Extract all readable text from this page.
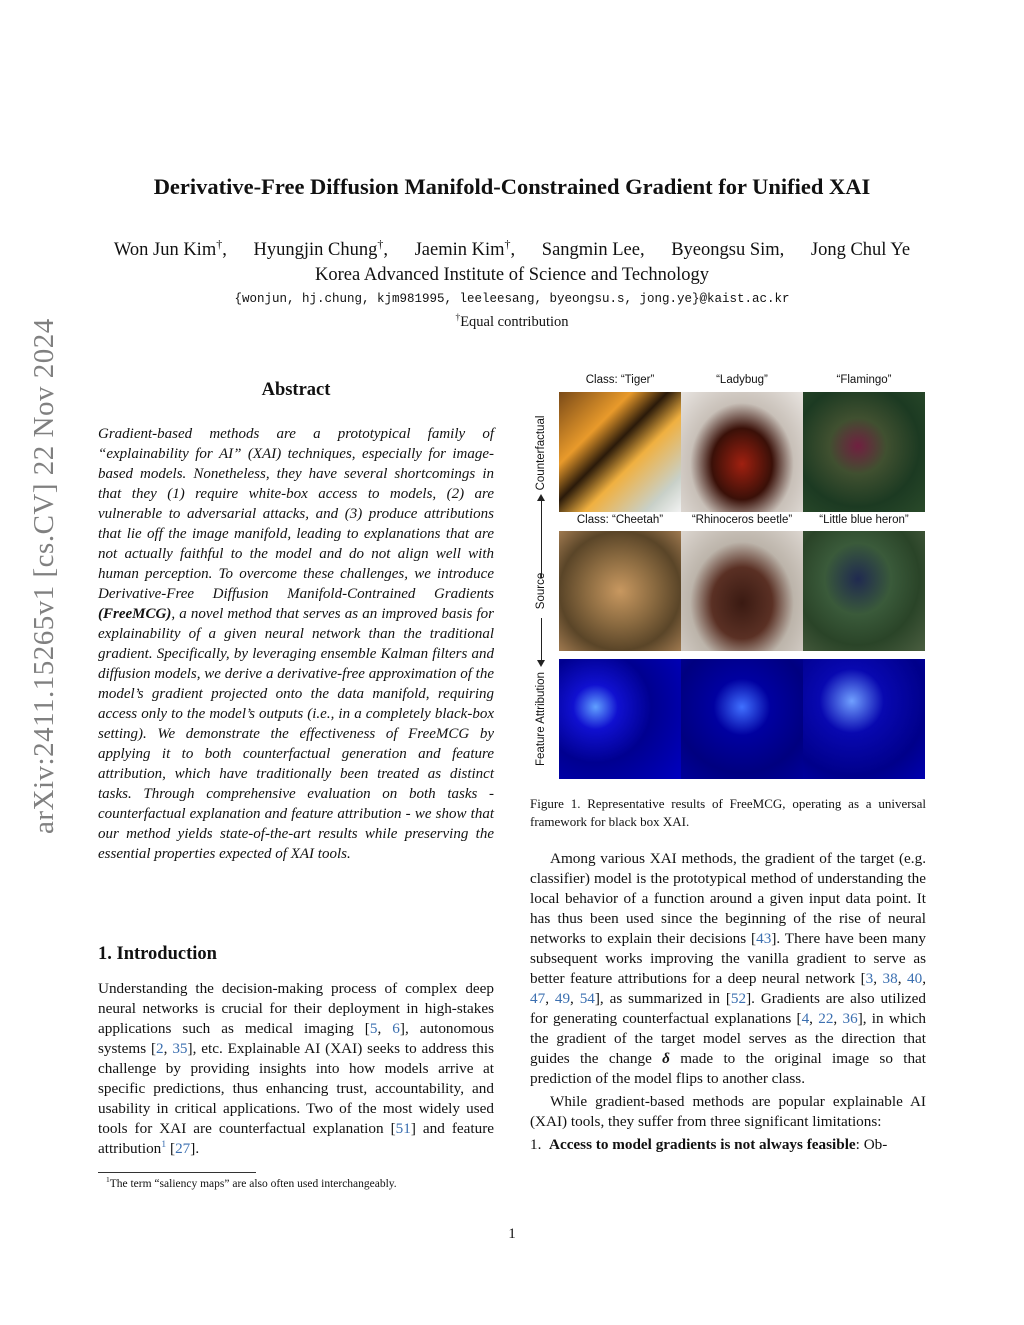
arXiv:2411.15265v1 [cs.CV] 22 Nov 2024
Derivative-Free Diffusion Manifold-Constrained Gradient for Unified XAI
Won Jun Kim†, Hyungjin Chung†, Jaemin Kim†, Sangmin Lee, Byeongsu Sim, Jong Chul Ye
Korea Advanced Institute of Science and Technology
{wonjun, hj.chung, kjm981995, leeleesang, byeongsu.s, jong.ye}@kaist.ac.kr
†Equal contribution
Abstract
Gradient-based methods are a prototypical family of “explainability for AI” (XAI) techniques, especially for image-based models. Nonetheless, they have several shortcomings in that they (1) require white-box access to models, (2) are vulnerable to adversarial attacks, and (3) produce attributions that lie off the image manifold, leading to explanations that are not actually faithful to the model and do not align well with human perception. To overcome these challenges, we introduce Derivative-Free Diffusion Manifold-Contrained Gradients (FreeMCG), a novel method that serves as an improved basis for explainability of a given neural network than the traditional gradient. Specifically, by leveraging ensemble Kalman filters and diffusion models, we derive a derivative-free approximation of the model’s gradient projected onto the data manifold, requiring access only to the model’s outputs (i.e., in a completely black-box setting). We demonstrate the effectiveness of FreeMCG by applying it to both counterfactual generation and feature attribution, which have traditionally been treated as distinct tasks. Through comprehensive evaluation on both tasks - counterfactual explanation and feature attribution - we show that our method yields state-of-the-art results while preserving the essential properties expected of XAI tools.
1. Introduction
Understanding the decision-making process of complex deep neural networks is crucial for their deployment in high-stakes applications such as medical imaging [5, 6], autonomous systems [2, 35], etc. Explainable AI (XAI) seeks to address this challenge by providing insights into how models arrive at specific predictions, thus enhancing trust, accountability, and usability in critical applications. Two of the most widely used tools for XAI are counterfactual explanation [51] and feature attribution$^1$ [27].
$^1$The term “saliency maps” are also often used interchangeably.
Class: “Tiger”	“Ladybug”	“Flamingo”
Class: “Cheetah”	“Rhinoceros beetle”	“Little blue heron”
Counterfactual
Source
Feature Attribution
Figure 1. Representative results of FreeMCG, operating as a universal framework for black box XAI.

Among various XAI methods, the gradient of the target (e.g. classifier) model is the prototypical method of understanding the local behavior of a function around a given input data point. It has thus been used since the beginning of the rise of neural networks to explain their decisions [43]. There have been many subsequent works improving the vanilla gradient to serve as better feature attributions for a deep neural network [3, 38, 40, 47, 49, 54], as summarized in [52]. Gradients are also utilized for generating counterfactual explanations [4, 22, 36], in which the gradient of the target model serves as the direction that guides the change δ made to the original image so that prediction of the model flips to another class.

While gradient-based methods are popular explainable AI (XAI) tools, they suffer from three significant limitations:

1. Access to model gradients is not always feasible: Ob-

1
